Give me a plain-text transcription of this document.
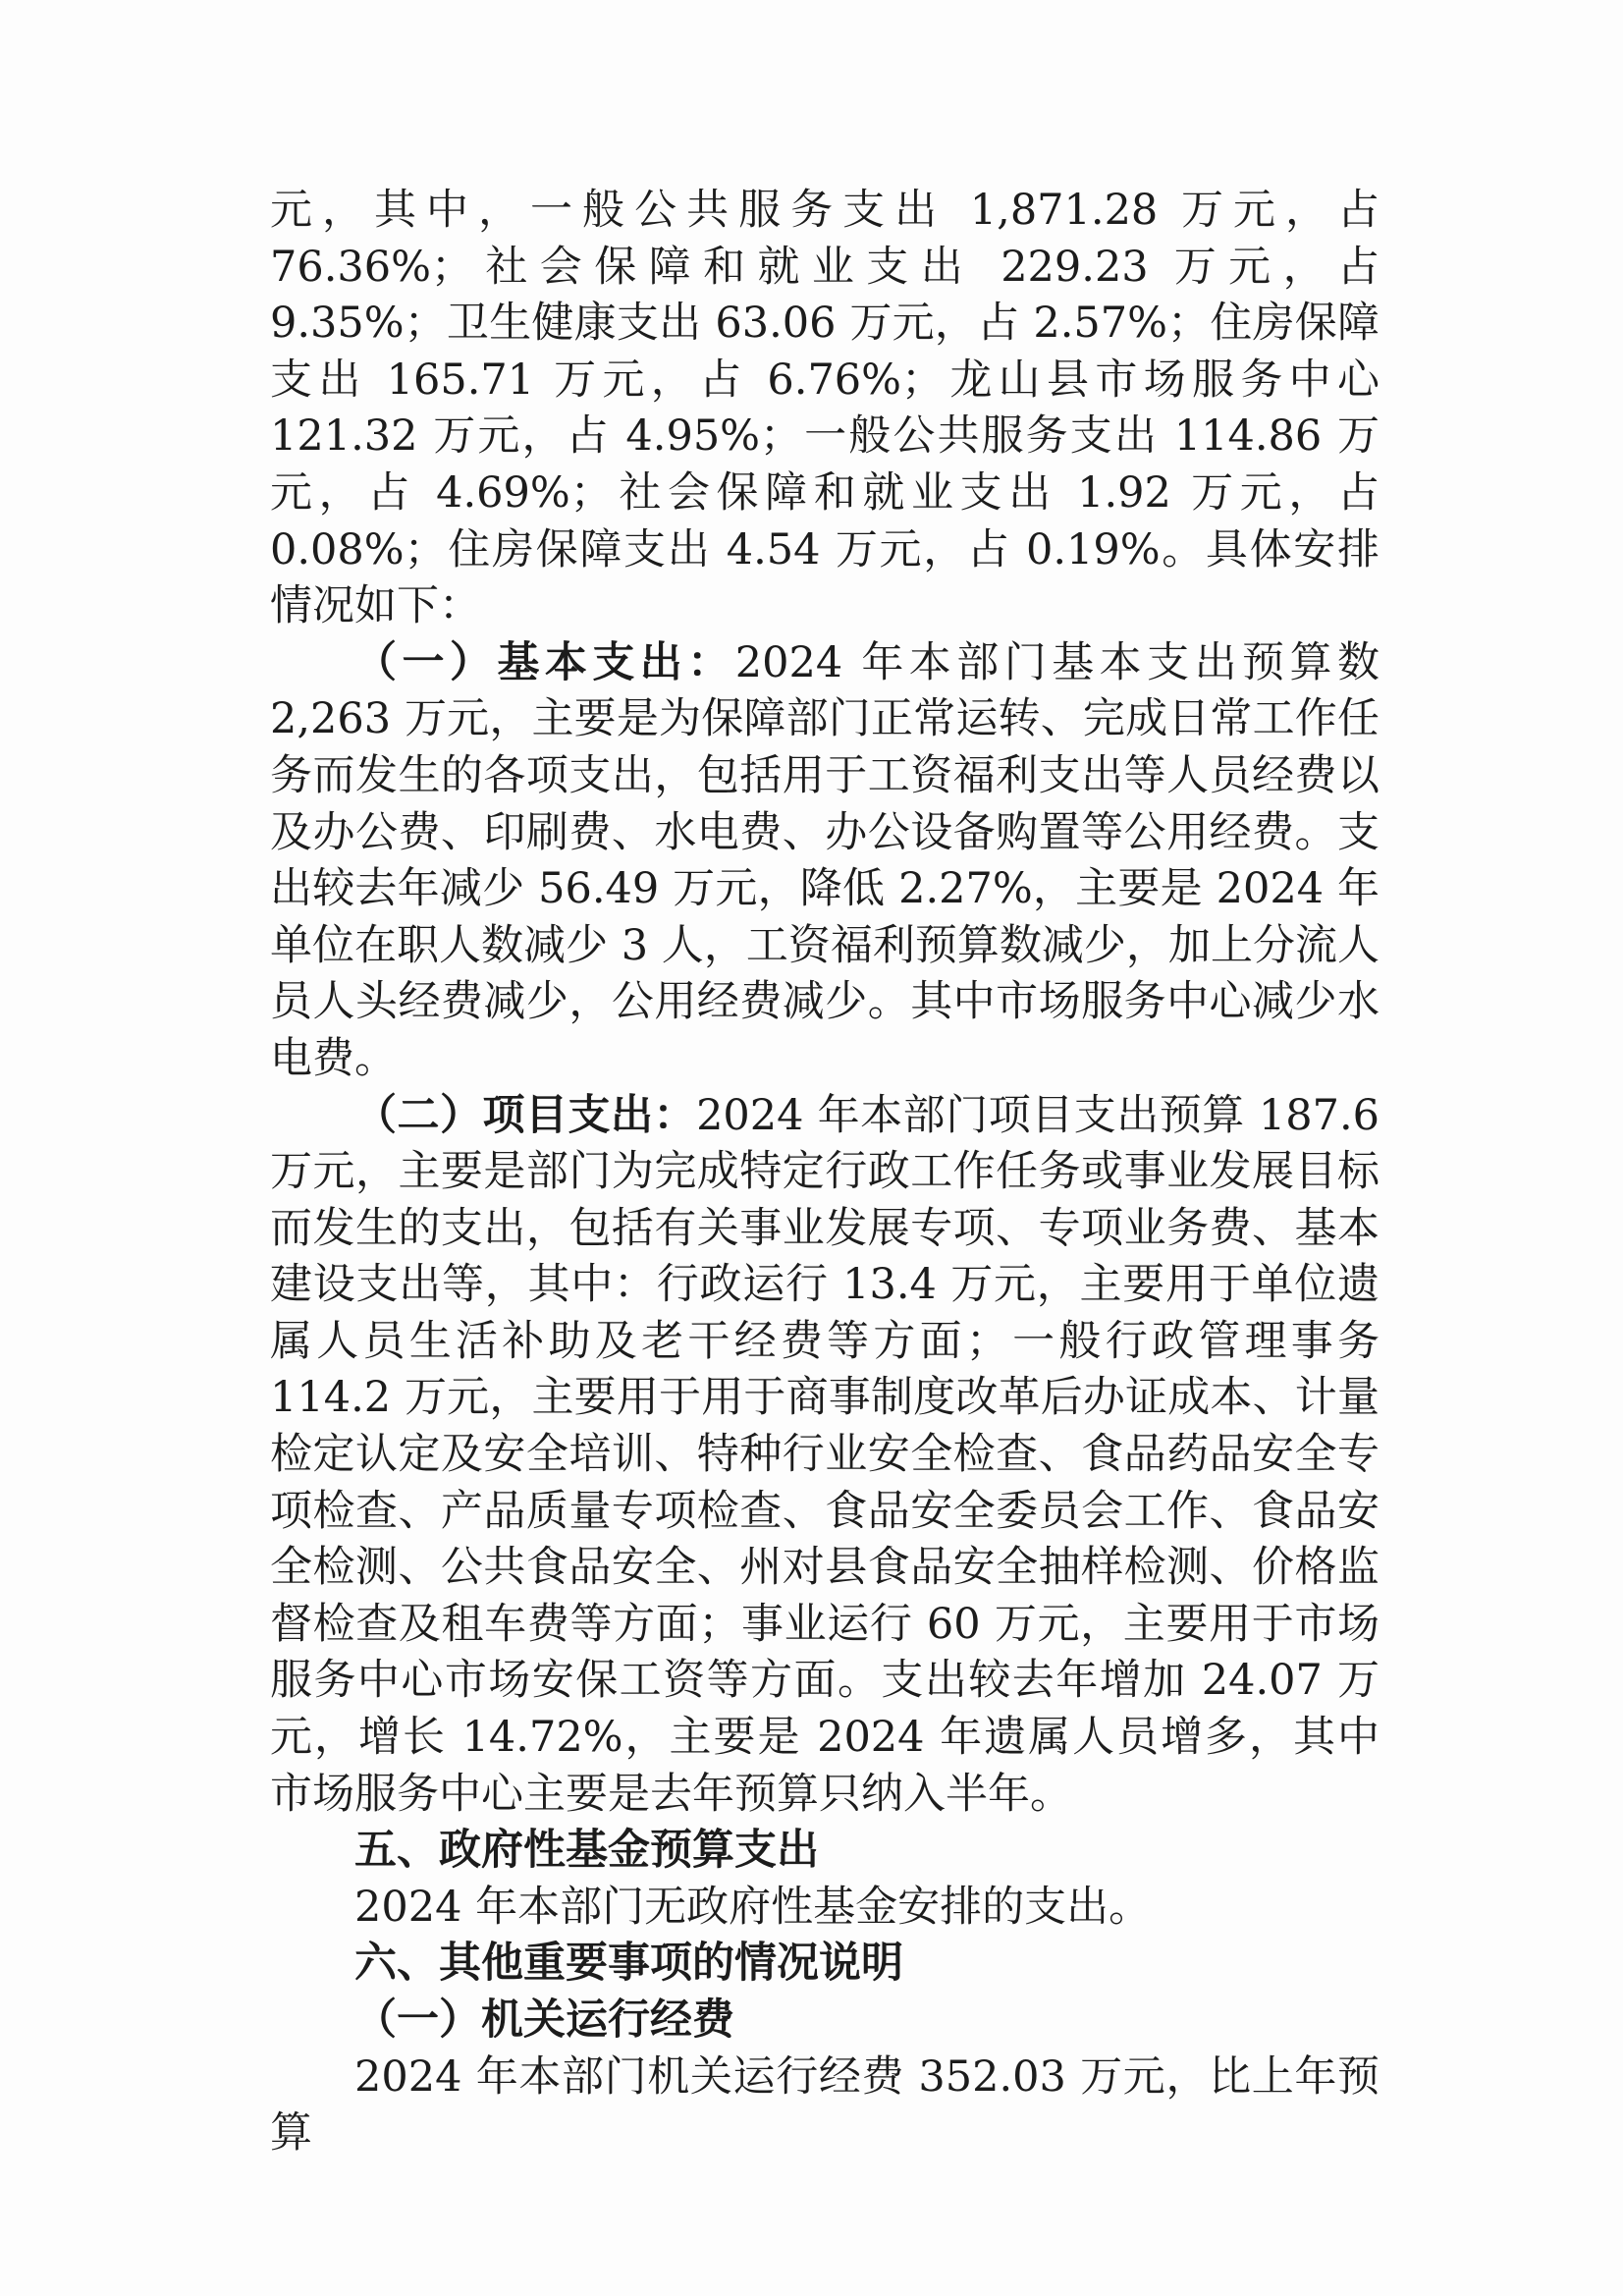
元，其中，一般公共服务支出 1,871.28 万元，占 76.36%；社会保障和就业支出 229.23 万元，占 9.35%；卫生健康支出 63.06 万元，占 2.57%；住房保障支出 165.71 万元，占 6.76%；龙山县市场服务中心 121.32 万元，占 4.95%；一般公共服务支出 114.86 万元，占 4.69%；社会保障和就业支出 1.92 万元，占 0.08%；住房保障支出 4.54 万元，占 0.19%。具体安排情况如下：

（一）基本支出：2024 年本部门基本支出预算数 2,263 万元，主要是为保障部门正常运转、完成日常工作任务而发生的各项支出，包括用于工资福利支出等人员经费以及办公费、印刷费、水电费、办公设备购置等公用经费。支出较去年减少 56.49 万元，降低 2.27%，主要是 2024 年单位在职人数减少 3 人，工资福利预算数减少，加上分流人员人头经费减少，公用经费减少。其中市场服务中心减少水电费。

（二）项目支出：2024 年本部门项目支出预算 187.6 万元，主要是部门为完成特定行政工作任务或事业发展目标而发生的支出，包括有关事业发展专项、专项业务费、基本建设支出等，其中：行政运行 13.4 万元，主要用于单位遗属人员生活补助及老干经费等方面；一般行政管理事务 114.2 万元，主要用于用于商事制度改革后办证成本、计量检定认定及安全培训、特种行业安全检查、食品药品安全专项检查、产品质量专项检查、食品安全委员会工作、食品安全检测、公共食品安全、州对县食品安全抽样检测、价格监督检查及租车费等方面；事业运行 60 万元，主要用于市场服务中心市场安保工资等方面。支出较去年增加 24.07 万元，增长 14.72%，主要是 2024 年遗属人员增多，其中市场服务中心主要是去年预算只纳入半年。

五、政府性基金预算支出

2024 年本部门无政府性基金安排的支出。

六、其他重要事项的情况说明

（一）机关运行经费

2024 年本部门机关运行经费 352.03 万元，比上年预算
